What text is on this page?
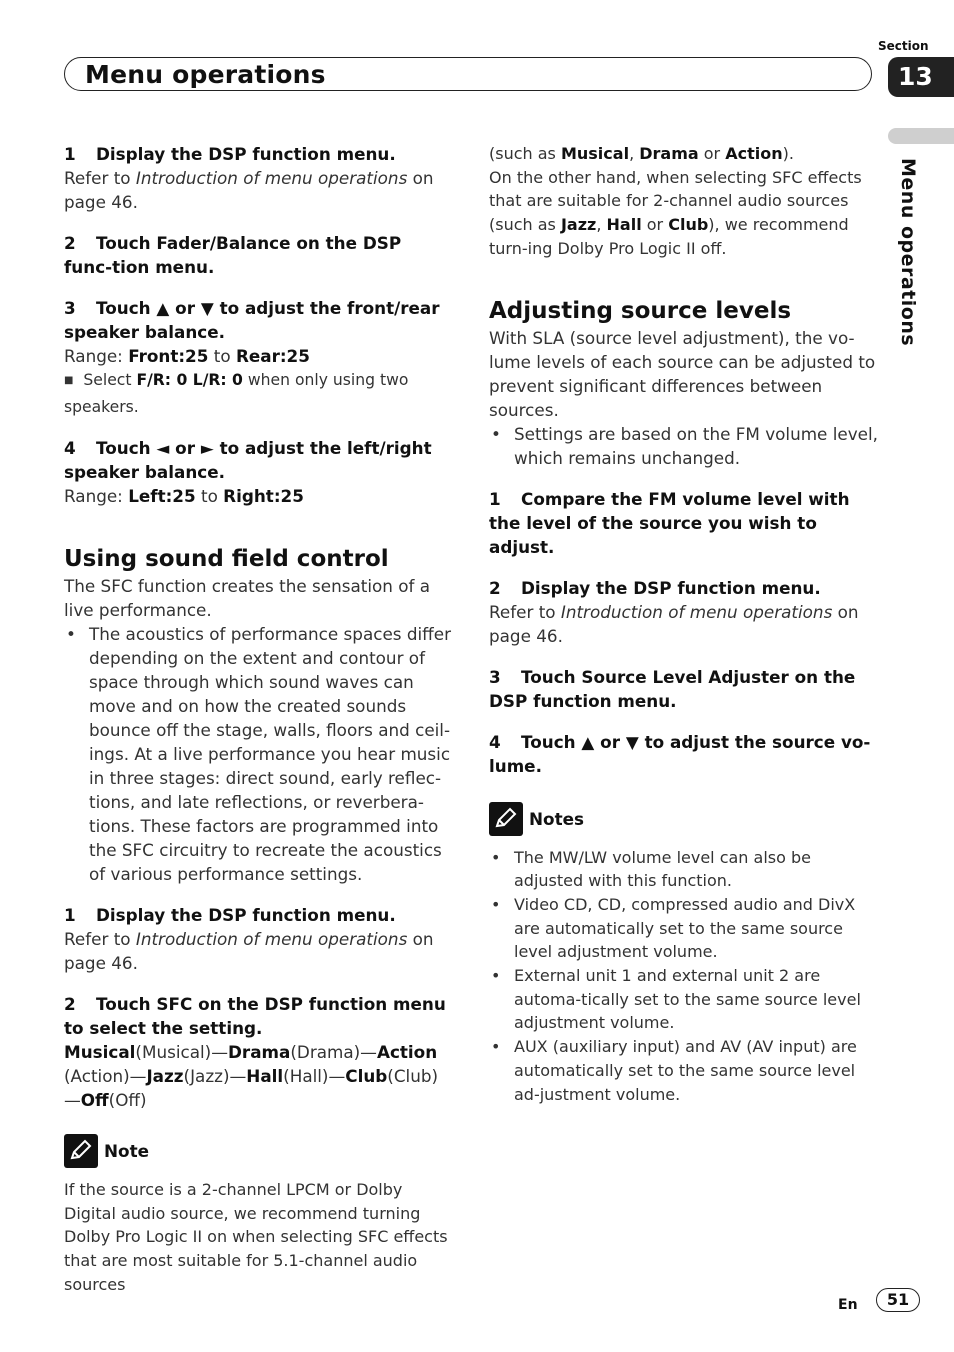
Menu operations
Section
13
Menu operations

1 Display the DSP function menu.

Refer to Introduction of menu operations on page 46.

2 Touch Fader/Balance on the DSP func-tion menu.

3 Touch ▲ or ▼ to adjust the front/rear speaker balance.

Range: Front:25 to Rear:25

■ Select F/R: 0 L/R: 0 when only using two speakers.

4 Touch ◄ or ► to adjust the left/right speaker balance.

Range: Left:25 to Right:25

Using sound field control

The SFC function creates the sensation of a live performance.

• The acoustics of performance spaces differ depending on the extent and contour of space through which sound waves can move and on how the created sounds bounce off the stage, walls, floors and ceil-ings. At a live performance you hear music in three stages: direct sound, early reflec-tions, and late reflections, or reverbera-tions. These factors are programmed into the SFC circuitry to recreate the acoustics of various performance settings.

1 Display the DSP function menu.

Refer to Introduction of menu operations on page 46.

2 Touch SFC on the DSP function menu to select the setting.

Musical(Musical)—Drama(Drama)—Action (Action)—Jazz(Jazz)—Hall(Hall)—Club(Club) —Off(Off)

Note

If the source is a 2-channel LPCM or Dolby Digital audio source, we recommend turning Dolby Pro Logic II on when selecting SFC effects that are most suitable for 5.1-channel audio sources

(such as Musical, Drama or Action).
On the other hand, when selecting SFC effects that are suitable for 2-channel audio sources (such as Jazz, Hall or Club), we recommend turn-ing Dolby Pro Logic II off.

Adjusting source levels

With SLA (source level adjustment), the vo-lume levels of each source can be adjusted to prevent significant differences between sources.

• Settings are based on the FM volume level, which remains unchanged.

1 Compare the FM volume level with the level of the source you wish to adjust.

2 Display the DSP function menu.

Refer to Introduction of menu operations on page 46.

3 Touch Source Level Adjuster on the DSP function menu.

4 Touch ▲ or ▼ to adjust the source vo-lume.

Notes

• The MW/LW volume level can also be adjusted with this function.

• Video CD, CD, compressed audio and DivX are automatically set to the same source level adjustment volume.

• External unit 1 and external unit 2 are automa-tically set to the same source level adjustment volume.

• AUX (auxiliary input) and AV (AV input) are automatically set to the same source level ad-justment volume.

En	51
